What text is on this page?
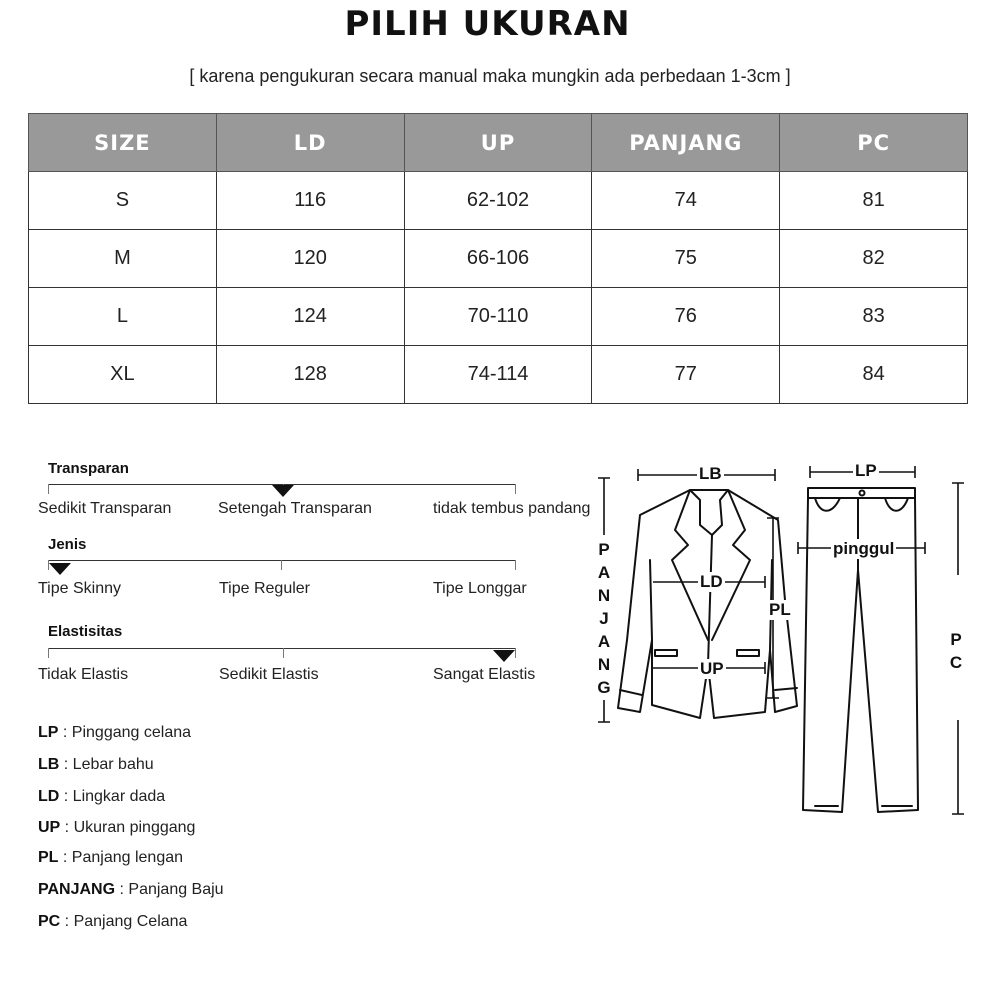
PILIH UKURAN
[ karena pengukuran secara manual maka mungkin ada perbedaan 1-3cm ]
SIZE	LD	UP	PANJANG	PC
S	116	62-102	74	81
M	120	66-106	75	82
L	124	70-110	76	83
XL	128	74-114	77	84
Transparan
Sedikit Transparan	Setengah Transparan	tidak tembus pandang
Jenis
Tipe Skinny	Tipe Reguler	Tipe Longgar
Elastisitas
Tidak Elastis	Sedikit Elastis	Sangat Elastis
LP : Pinggang celana
LB : Lebar bahu
LD : Lingkar dada
UP : Ukuran pinggang
PL : Panjang lengan
PANJANG : Panjang Baju
PC : Panjang Celana
LB	LP
pinggul
LD
UP
PL
P
A
N
J
A
N
G
P
C
